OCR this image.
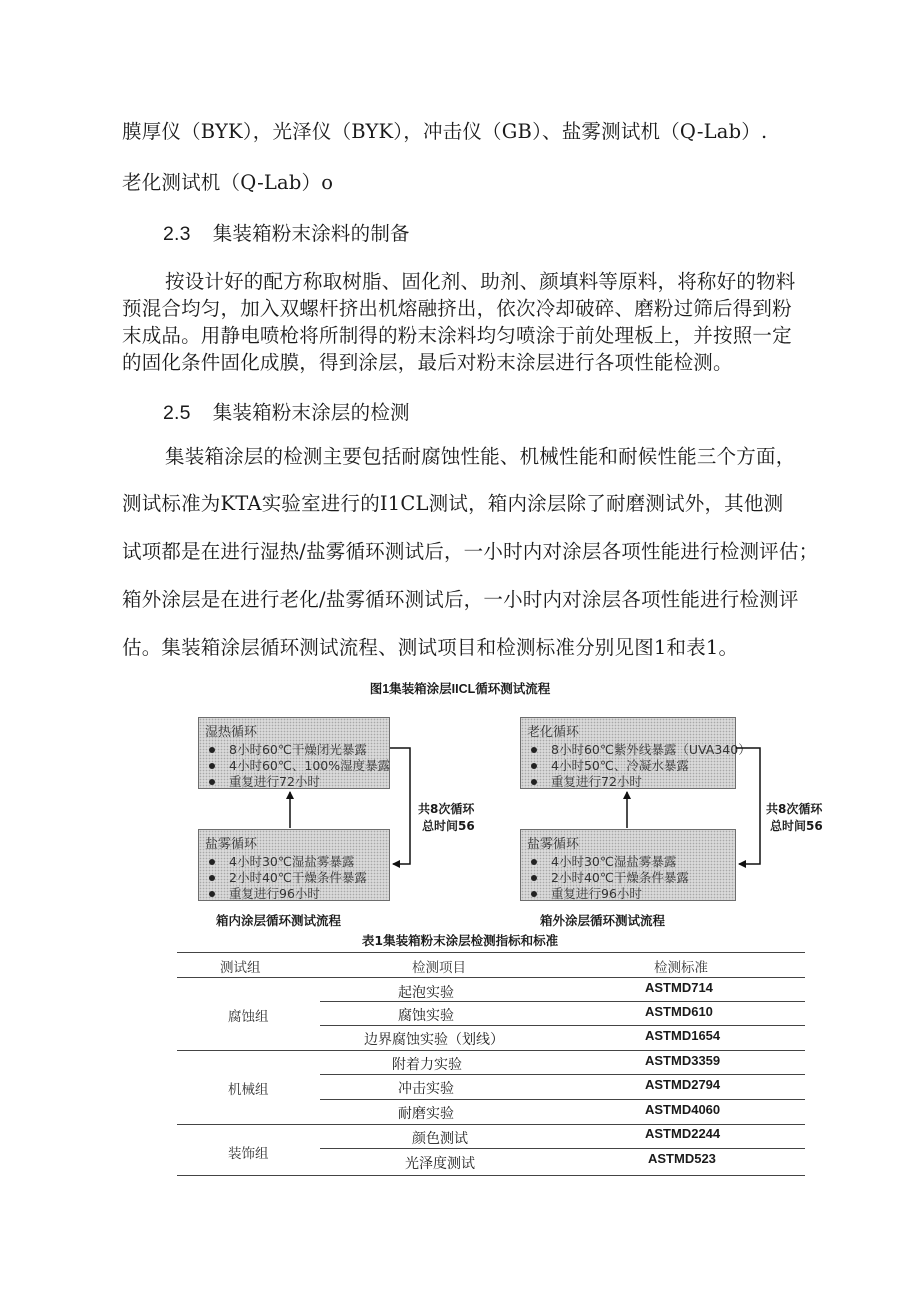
膜厚仪（BYK），光泽仪（BYK），冲击仪（GB）、盐雾测试机（Q-Lab）.
老化测试机（Q-Lab）o
2.3 集装箱粉末涂料的制备
按设计好的配方称取树脂、固化剂、助剂、颜填料等原料，将称好的物料
预混合均匀，加入双螺杆挤出机熔融挤出，依次冷却破碎、磨粉过筛后得到粉
末成品。用静电喷枪将所制得的粉末涂料均匀喷涂于前处理板上，并按照一定
的固化条件固化成膜，得到涂层，最后对粉末涂层进行各项性能检测。
2.5 集装箱粉末涂层的检测
集装箱涂层的检测主要包括耐腐蚀性能、机械性能和耐候性能三个方面，
测试标准为KTA实验室进行的I1CL测试，箱内涂层除了耐磨测试外，其他测
试项都是在进行湿热/盐雾循环测试后，一小时内对涂层各项性能进行检测评估；
箱外涂层是在进行老化/盐雾循环测试后，一小时内对涂层各项性能进行检测评
估。集装箱涂层循环测试流程、测试项目和检测标准分别见图1和表1。
图1集装箱涂层IICL循环测试流程
湿热循环
8小时60℃干燥闭光暴露
4小时60℃、100%湿度暴露
重复进行72小时
盐雾循环
4小时30℃湿盐雾暴露
2小时40℃干燥条件暴露
重复进行96小时
老化循环
8小时60℃紫外线暴露（UVA340）
4小时50℃、冷凝水暴露
重复进行72小时
盐雾循环
4小时30℃湿盐雾暴露
2小时40℃干燥条件暴露
重复进行96小时
共8次循环
总时间56
共8次循环
总时间56
箱内涂层循环测试流程	箱外涂层循环测试流程
表1集装箱粉末涂层检测指标和标准
测试组	检测项目	检测标准
腐蚀组
起泡实验	ASTMD714
腐蚀实验	ASTMD610
边界腐蚀实验（划线）	ASTMD1654
机械组
附着力实验	ASTMD3359
冲击实验	ASTMD2794
耐磨实验	ASTMD4060
装饰组
颜色测试	ASTMD2244
光泽度测试	ASTMD523
